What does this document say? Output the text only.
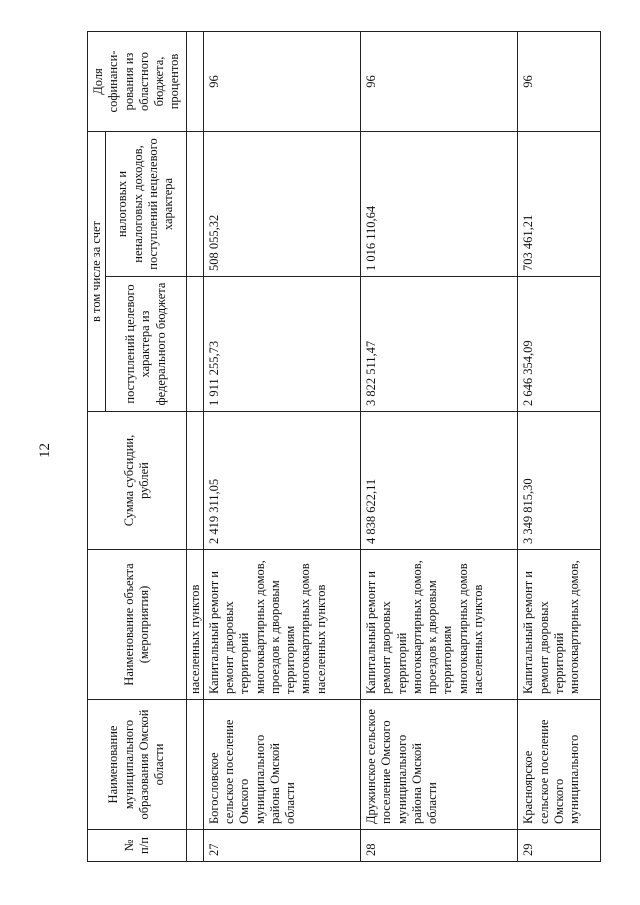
12
№ п/п	Наименование муниципального образования Омской области	Наименование объекта (мероприятия)	Сумма субсидии, рублей	в том числе за счет		Доля софинанси-рования из областного бюджета, процентов
				поступлений целевого характера из федерального бюджета	налоговых и неналоговых доходов, поступлений нецелевого характера	
		населенных пунктов				
27	Богословское сельское поселение Омского муниципального района Омской области	Капитальный ремонт и ремонт дворовых территорий многоквартирных домов, проездов к дворовым территориям многоквартирных домов населенных пунктов	2 419 311,05	1 911 255,73	508 055,32	96
28	Дружинское сельское поселение Омского муниципального района Омской области	Капитальный ремонт и ремонт дворовых территорий многоквартирных домов, проездов к дворовым территориям многоквартирных домов населенных пунктов	4 838 622,11	3 822 511,47	1 016 110,64	96
29	Красноярское сельское поселение Омского муниципального	Капитальный ремонт и ремонт дворовых территорий многоквартирных домов,	3 349 815,30	2 646 354,09	703 461,21	96
